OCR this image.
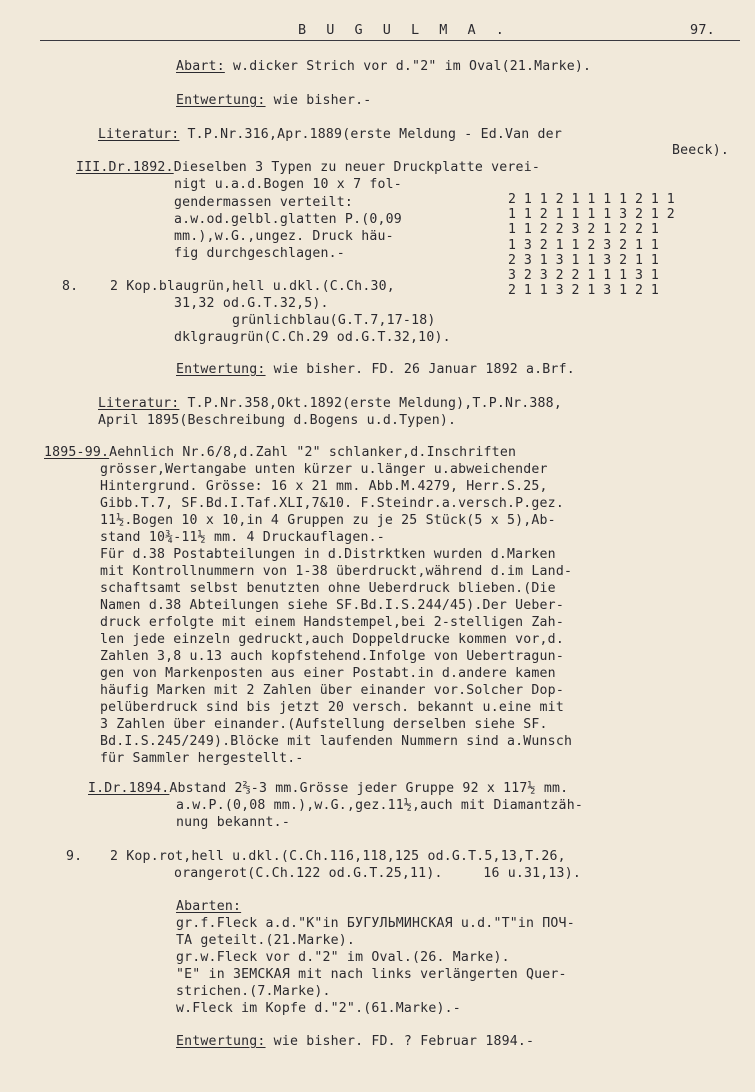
B U G U L M A .	97.
Abart: w.dicker Strich vor d."2" im Oval(21.Marke).
Entwertung: wie bisher.-
Literatur: T.P.Nr.316,Apr.1889(erste Meldung - Ed.Van der
Beeck).
III.Dr.1892.Dieselben 3 Typen zu neuer Druckplatte verei-
nigt u.a.d.Bogen 10 x 7 fol-
gendermassen verteilt:
a.w.od.gelbl.glatten P.(0,09
mm.),w.G.,ungez. Druck häu-
fig durchgeschlagen.-
2 1 1 2 1 1 1 1 2 1 1
1 1 2 1 1 1 1 3 2 1 2
1 1 2 2 3 2 1 2 2 1
1 3 2 1 1 2 3 2 1 1
2 3 1 3 1 1 3 2 1 1
3 2 3 2 2 1 1 1 3 1
2 1 1 3 2 1 3 1 2 1
8. 2 Kop.blaugrün,hell u.dkl.(C.Ch.30,
31,32 od.G.T.32,5).
grünlichblau(G.T.7,17-18)
dklgraugrün(C.Ch.29 od.G.T.32,10).
Entwertung: wie bisher. FD. 26 Januar 1892 a.Brf.
Literatur: T.P.Nr.358,Okt.1892(erste Meldung),T.P.Nr.388,
April 1895(Beschreibung d.Bogens u.d.Typen).
1895-99.Aehnlich Nr.6/8,d.Zahl "2" schlanker,d.Inschriften
grösser,Wertangabe unten kürzer u.länger u.abweichender
Hintergrund. Grösse: 16 x 21 mm. Abb.M.4279, Herr.S.25,
Gibb.T.7, SF.Bd.I.Taf.XLI,7&10. F.Steindr.a.versch.P.gez.
11½.Bogen 10 x 10,in 4 Gruppen zu je 25 Stück(5 x 5),Ab-
stand 10¾-11½ mm. 4 Druckauflagen.-
Für d.38 Postabteilungen in d.Distrktken wurden d.Marken
mit Kontrollnummern von 1-38 überdruckt,während d.im Land-
schaftsamt selbst benutzten ohne Ueberdruck blieben.(Die
Namen d.38 Abteilungen siehe SF.Bd.I.S.244/45).Der Ueber-
druck erfolgte mit einem Handstempel,bei 2-stelligen Zah-
len jede einzeln gedruckt,auch Doppeldrucke kommen vor,d.
Zahlen 3,8 u.13 auch kopfstehend.Infolge von Uebertragun-
gen von Markenposten aus einer Postabt.in d.andere kamen
häufig Marken mit 2 Zahlen über einander vor.Solcher Dop-
pelüberdruck sind bis jetzt 20 versch. bekannt u.eine mit
3 Zahlen über einander.(Aufstellung derselben siehe SF.
Bd.I.S.245/249).Blöcke mit laufenden Nummern sind a.Wunsch
für Sammler hergestellt.-
I.Dr.1894.Abstand 2⅔-3 mm.Grösse jeder Gruppe 92 x 117½ mm.
a.w.P.(0,08 mm.),w.G.,gez.11½,auch mit Diamantzäh-
nung bekannt.-
9. 2 Kop.rot,hell u.dkl.(C.Ch.116,118,125 od.G.T.5,13,T.26,
orangerot(C.Ch.122 od.G.T.25,11).     16 u.31,13).
Abarten:
gr.f.Fleck a.d."K"in БУГУЛЬМИНСКАЯ u.d."T"in ПОЧ-
TA geteilt.(21.Marke).
gr.w.Fleck vor d."2" im Oval.(26. Marke).
"E" in ЗЕМСКАЯ mit nach links verlängerten Quer-
strichen.(7.Marke).
w.Fleck im Kopfe d."2".(61.Marke).-
Entwertung: wie bisher. FD. ? Februar 1894.-
